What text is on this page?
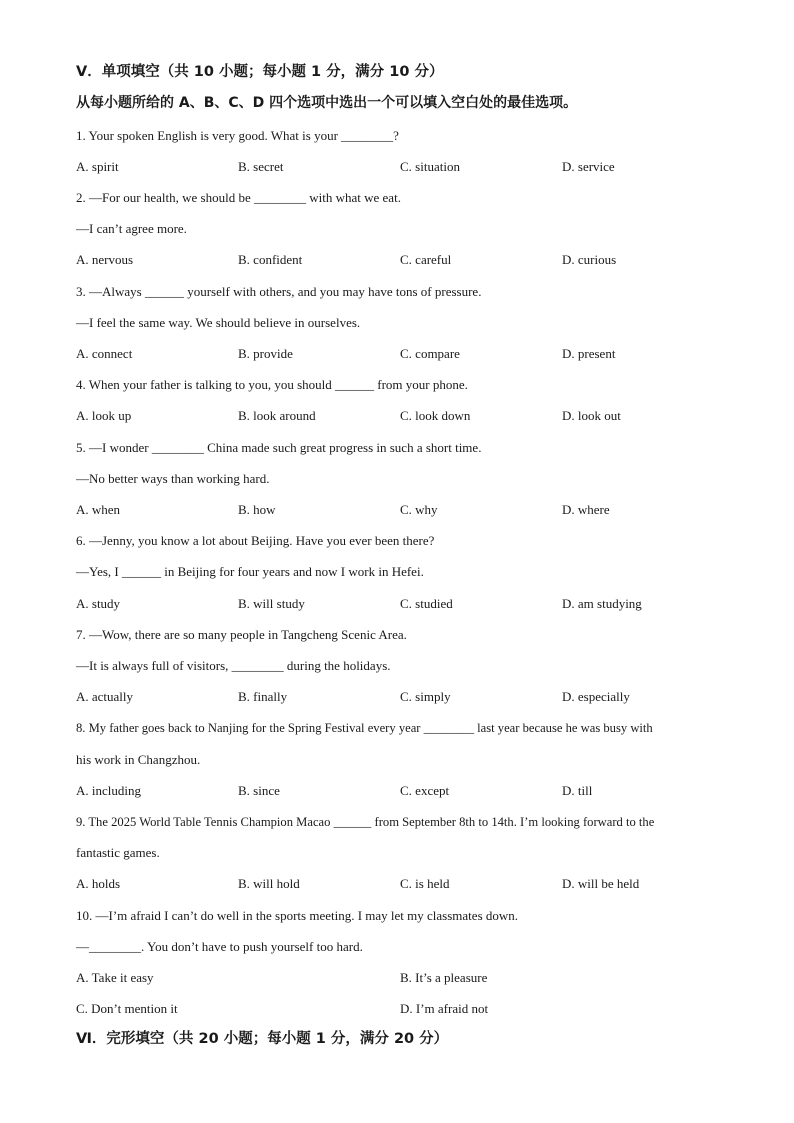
Ⅴ．单项填空（共 10 小题；每小题 1 分，满分 10 分）
从每小题所给的 A、B、C、D 四个选项中选出一个可以填入空白处的最佳选项。
1. Your spoken English is very good. What is your ________?
A. spirit	B. secret	C. situation	D. service
2. —For our health, we should be ________ with what we eat.
—I can’t agree more.
A. nervous	B. confident	C. careful	D. curious
3. —Always ______ yourself with others, and you may have tons of pressure.
—I feel the same way. We should believe in ourselves.
A. connect	B. provide	C. compare	D. present
4. When your father is talking to you, you should ______ from your phone.
A. look up	B. look around	C. look down	D. look out
5. —I wonder ________ China made such great progress in such a short time.
—No better ways than working hard.
A. when	B. how	C. why	D. where
6. —Jenny, you know a lot about Beijing. Have you ever been there?
—Yes, I ______ in Beijing for four years and now I work in Hefei.
A. study	B. will study	C. studied	D. am studying
7. —Wow, there are so many people in Tangcheng Scenic Area.
—It is always full of visitors, ________ during the holidays.
A. actually	B. finally	C. simply	D. especially
8. My father goes back to Nanjing for the Spring Festival every year ________ last year because he was busy with
his work in Changzhou.
A. including	B. since	C. except	D. till
9. The 2025 World Table Tennis Champion Macao ______ from September 8th to 14th. I’m looking forward to the
fantastic games.
A. holds	B. will hold	C. is held	D. will be held
10. —I’m afraid I can’t do well in the sports meeting. I may let my classmates down.
—________. You don’t have to push yourself too hard.
A. Take it easy	B. It’s a pleasure
C. Don’t mention it	D. I’m afraid not
Ⅵ．完形填空（共 20 小题；每小题 1 分，满分 20 分）
